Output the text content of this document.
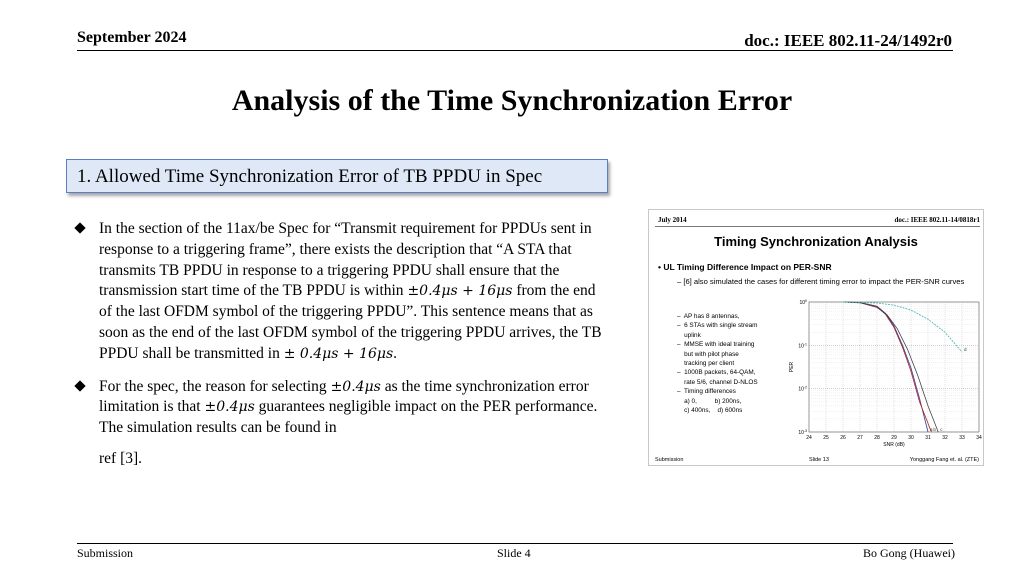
September 2024	doc.: IEEE 802.11-24/1492r0
Analysis of the Time Synchronization Error
1. Allowed Time Synchronization Error of TB PPDU in Spec
In the section of the 11ax/be Spec for “Transmit requirement for PPDUs sent in response to a triggering frame”, there exists the description that “A STA that transmits TB PPDU in response to a triggering PPDU shall ensure that the transmission start time of the TB PPDU is within ±0.4μs + 16μs from the end of the last OFDM symbol of the triggering PPDU”. This sentence means that as soon as the end of the last OFDM symbol of the triggering PPDU arrives, the TB PPDU shall be transmitted in ± 0.4μs + 16μs.
For the spec, the reason for selecting ±0.4μs as the time synchronization error limitation is that ±0.4μs guarantees negligible impact on the PER performance. The simulation results can be found in
ref [3].
July 2014	doc.: IEEE 802.11-14/0818r1
Timing Synchronization Analysis
• UL Timing Difference Impact on PER-SNR
– [6] also simulated the cases for different timing error to impact the PER-SNR curves
–  AP has 8 antennas,
–  6 STAs with single stream
uplink
–  MMSE with ideal training
but with pilot phase
tracking per client
–  1000B packets, 64-QAM,
rate 5/6, channel D-NLOS
–  Timing differences
a) 0,          b) 200ns,
c) 400ns,    d) 600ns
24 25 26 27 28 29 30 31 32 33 34
$10^0$
$10^{-1}$
$10^{-2}$
$10^{-3}$
SNR (dB)
PER
a b c
d
Submission	Slide 13	Yonggang Fang et. al. (ZTE)
Submission	Slide 4	Bo Gong (Huawei)
